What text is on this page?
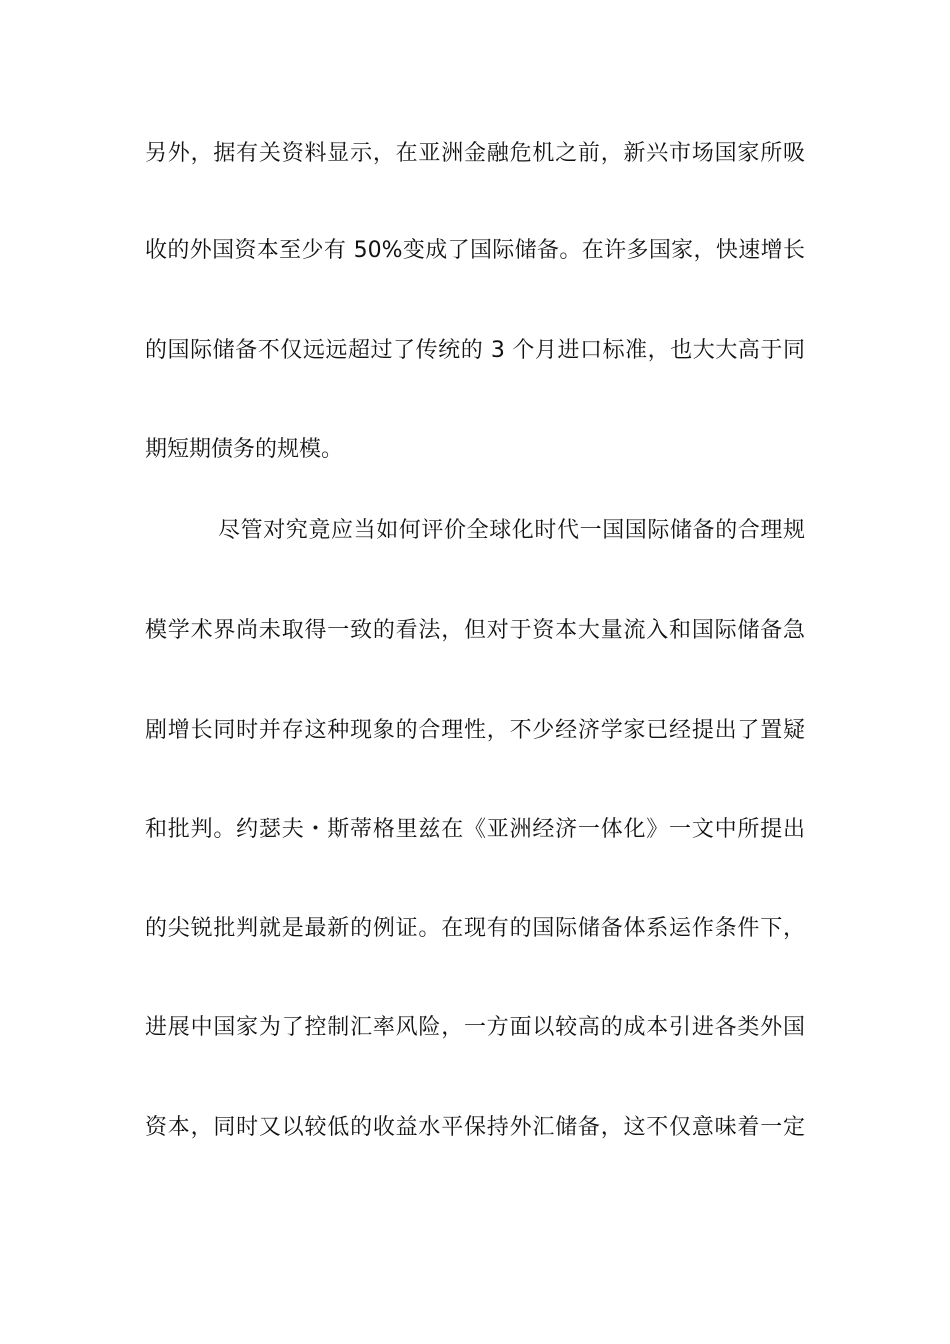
另外，据有关资料显示，在亚洲金融危机之前，新兴市场国家所吸
收的外国资本至少有 50%变成了国际储备。在许多国家，快速增长
的国际储备不仅远远超过了传统的 3 个月进口标准，也大大高于同
期短期债务的规模。
尽管对究竟应当如何评价全球化时代一国国际储备的合理规
模学术界尚未取得一致的看法，但对于资本大量流入和国际储备急
剧增长同时并存这种现象的合理性，不少经济学家已经提出了置疑
和批判。约瑟夫・斯蒂格里兹在《亚洲经济一体化》一文中所提出
的尖锐批判就是最新的例证。在现有的国际储备体系运作条件下，
进展中国家为了控制汇率风险，一方面以较高的成本引进各类外国
资本，同时又以较低的收益水平保持外汇储备，这不仅意味着一定
